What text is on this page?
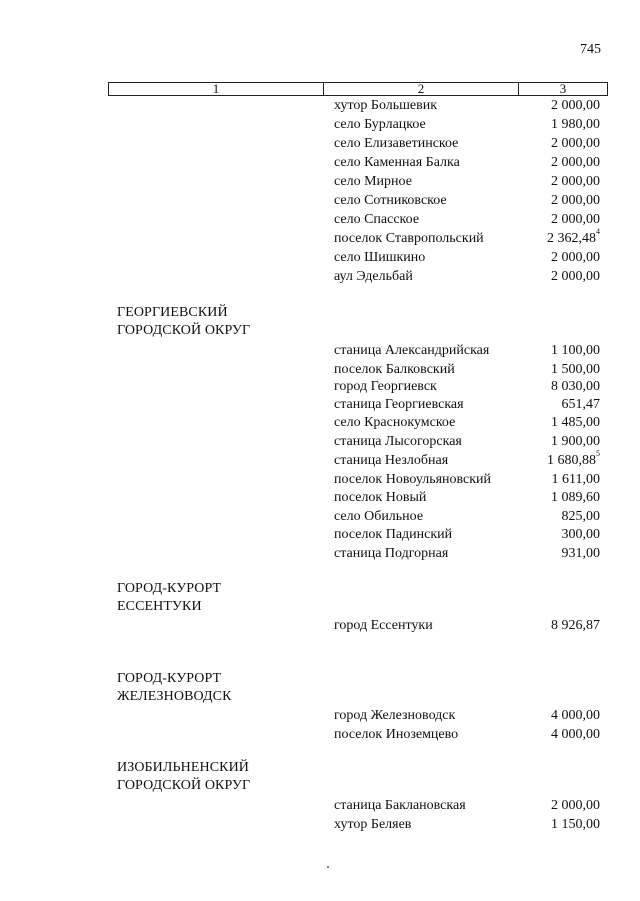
745
1	2	3
хутор Большевик	2 000,00
село Бурлацкое	1 980,00
село Елизаветинское	2 000,00
село Каменная Балка	2 000,00
село Мирное	2 000,00
село Сотниковское	2 000,00
село Спасское	2 000,00
поселок Ставропольский	2 362,48$^4$
село Шишкино	2 000,00
аул Эдельбай	2 000,00
ГЕОРГИЕВСКИЙ
ГОРОДСКОЙ ОКРУГ
станица Александрийская	1 100,00
поселок Балковский	1 500,00
город Георгиевск	8 030,00
станица Георгиевская	651,47
село Краснокумское	1 485,00
станица Лысогорская	1 900,00
станица Незлобная	1 680,88$^5$
поселок Новоульяновский	1 611,00
поселок Новый	1 089,60
село Обильное	825,00
поселок Падинский	300,00
станица Подгорная	931,00
ГОРОД-КУРОРТ
ЕССЕНТУКИ
город Ессентуки	8 926,87
ГОРОД-КУРОРТ
ЖЕЛЕЗНОВОДСК
город Железноводск	4 000,00
поселок Иноземцево	4 000,00
ИЗОБИЛЬНЕНСКИЙ
ГОРОДСКОЙ ОКРУГ
станица Баклановская	2 000,00
хутор Беляев	1 150,00
